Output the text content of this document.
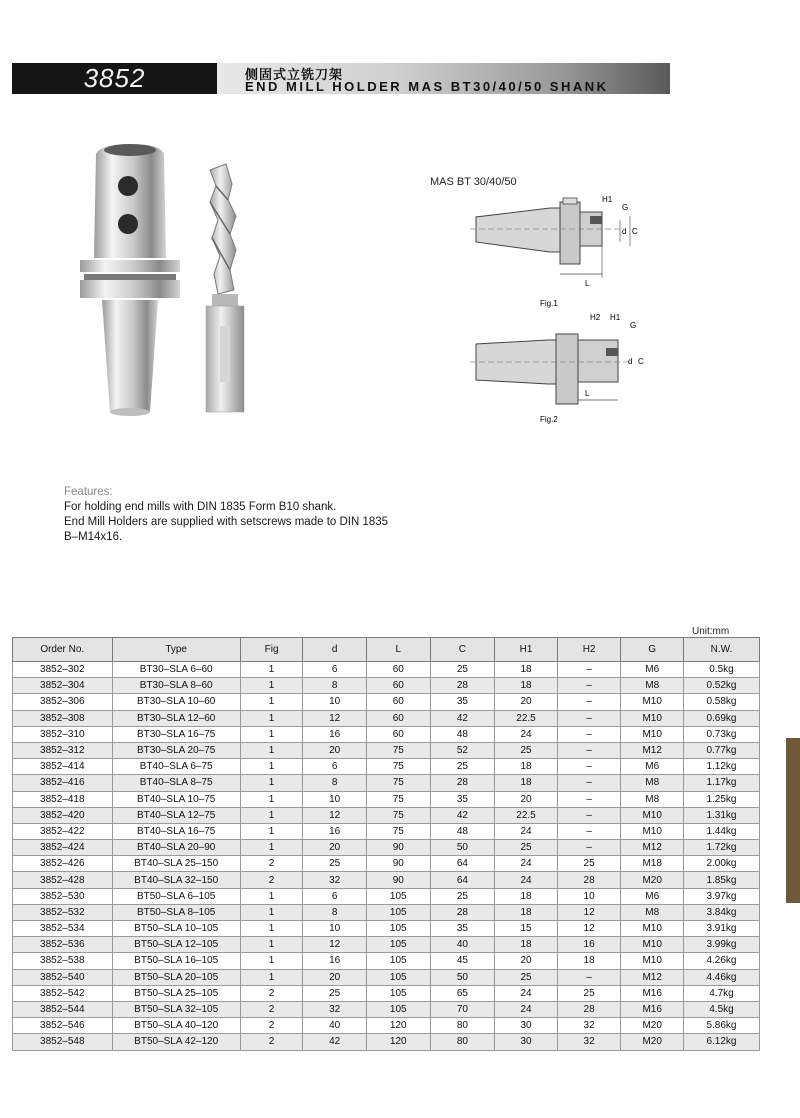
3852	侧固式立铣刀架
END MILL HOLDER MAS BT30/40/50 SHANK
MAS BT 30/40/50
H1
G
d C
L
Fig.1
H2 H1
G
d C
L
Fig.2
Features:
For holding end mills with DIN 1835 Form B10 shank.
End Mill Holders are supplied with setscrews made to DIN 1835
B–M14x16.
Unit:mm
Order No.	Type	Fig	d	L	C	H1	H2	G	N.W.
3852–302	BT30–SLA 6–60	1	6	60	25	18	–	M6	0.5kg
3852–304	BT30–SLA 8–60	1	8	60	28	18	–	M8	0.52kg
3852–306	BT30–SLA 10–60	1	10	60	35	20	–	M10	0.58kg
3852–308	BT30–SLA 12–60	1	12	60	42	22.5	–	M10	0.69kg
3852–310	BT30–SLA 16–75	1	16	60	48	24	–	M10	0.73kg
3852–312	BT30–SLA 20–75	1	20	75	52	25	–	M12	0.77kg
3852–414	BT40–SLA 6–75	1	6	75	25	18	–	M6	1.12kg
3852–416	BT40–SLA 8–75	1	8	75	28	18	–	M8	1.17kg
3852–418	BT40–SLA 10–75	1	10	75	35	20	–	M8	1.25kg
3852–420	BT40–SLA 12–75	1	12	75	42	22.5	–	M10	1.31kg
3852–422	BT40–SLA 16–75	1	16	75	48	24	–	M10	1.44kg
3852–424	BT40–SLA 20–90	1	20	90	50	25	–	M12	1.72kg
3852–426	BT40–SLA 25–150	2	25	90	64	24	25	M18	2.00kg
3852–428	BT40–SLA 32–150	2	32	90	64	24	28	M20	1.85kg
3852–530	BT50–SLA 6–105	1	6	105	25	18	10	M6	3.97kg
3852–532	BT50–SLA 8–105	1	8	105	28	18	12	M8	3.84kg
3852–534	BT50–SLA 10–105	1	10	105	35	15	12	M10	3.91kg
3852–536	BT50–SLA 12–105	1	12	105	40	18	16	M10	3.99kg
3852–538	BT50–SLA 16–105	1	16	105	45	20	18	M10	4.26kg
3852–540	BT50–SLA 20–105	1	20	105	50	25	–	M12	4.46kg
3852–542	BT50–SLA 25–105	2	25	105	65	24	25	M16	4.7kg
3852–544	BT50–SLA 32–105	2	32	105	70	24	28	M16	4.5kg
3852–546	BT50–SLA 40–120	2	40	120	80	30	32	M20	5.86kg
3852–548	BT50–SLA 42–120	2	42	120	80	30	32	M20	6.12kg
